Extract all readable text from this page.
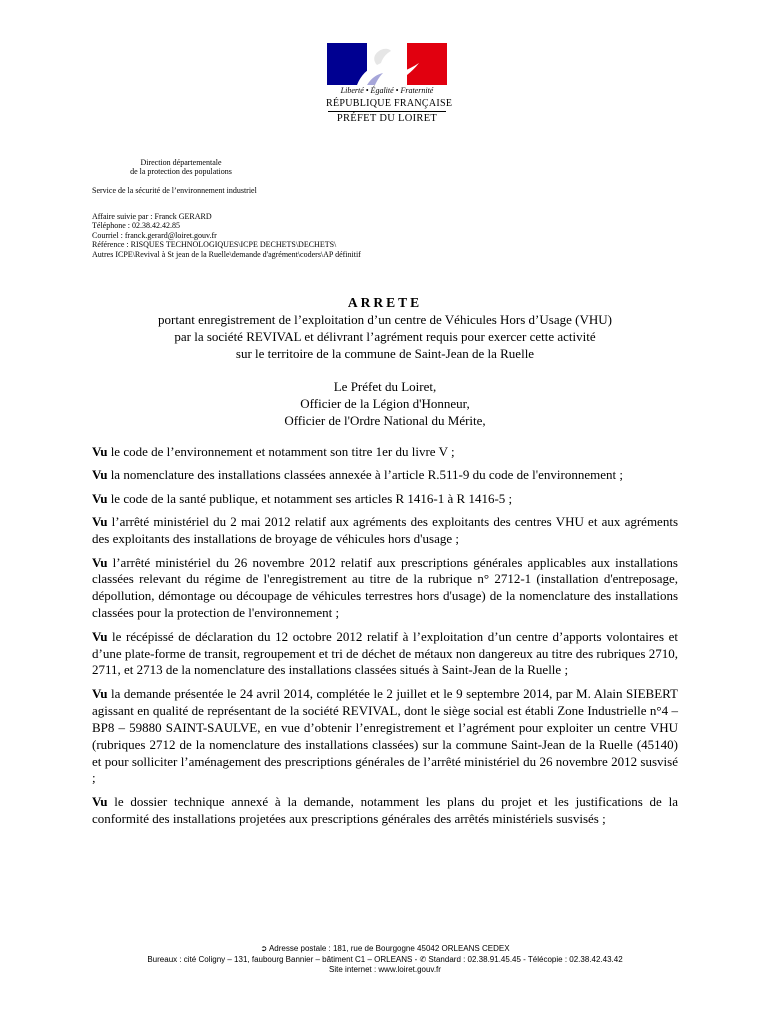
Liberté • Égalité • Fraternité
RÉPUBLIQUE FRANÇAISE
PRÉFET DU LOIRET
Direction départementale
de la protection des populations
Service de la sécurité de l’environnement industriel
Affaire suivie par : Franck GERARD
Téléphone : 02.38.42.42.85
Courriel : franck.gerard@loiret.gouv.fr
Référence : RISQUES TECHNOLOGIQUES\ICPE DECHETS\DECHETS\
Autres ICPE\Revival à St jean de la Ruelle\demande d'agrément\coders\AP définitif
ARRETE
portant enregistrement de l’exploitation d’un centre de Véhicules Hors d’Usage (VHU)
par la société REVIVAL et délivrant l’agrément requis pour exercer cette activité
sur le territoire de la commune de Saint-Jean de la Ruelle
Le Préfet du Loiret,
Officier de la Légion d'Honneur,
Officier de l'Ordre National du Mérite,

Vu le code de l’environnement et notamment son titre 1er du livre V ;

Vu la nomenclature des installations classées annexée à l’article R.511-9 du code de l'environnement ;

Vu le code de la santé publique, et notamment ses articles R 1416-1 à R 1416-5 ;

Vu l’arrêté ministériel du 2 mai 2012 relatif aux agréments des exploitants des centres VHU et aux agréments des exploitants des installations de broyage de véhicules hors d'usage ;

Vu l’arrêté ministériel du 26 novembre 2012 relatif aux prescriptions générales applicables aux installations classées relevant du régime de l'enregistrement au titre de la rubrique n° 2712-1 (installation d'entreposage, dépollution, démontage ou découpage de véhicules terrestres hors d'usage) de la nomenclature des installations classées pour la protection de l'environnement ;

Vu le récépissé de déclaration du 12 octobre 2012 relatif à l’exploitation d’un centre d’apports volontaires et d’une plate-forme de transit, regroupement et tri de déchet de métaux non dangereux au titre des rubriques 2710, 2711, et 2713 de la nomenclature des installations classées situés à Saint-Jean de la Ruelle ;

Vu la demande présentée le 24 avril 2014, complétée le 2 juillet et le 9 septembre 2014, par M. Alain SIEBERT agissant en qualité de représentant de la société REVIVAL, dont le siège social est établi Zone Industrielle n°4 – BP8 – 59880 SAINT-SAULVE, en vue d’obtenir l’enregistrement et l’agrément pour exploiter un centre VHU (rubriques 2712 de la nomenclature des installations classées) sur la commune Saint-Jean de la Ruelle (45140) et pour solliciter l’aménagement des prescriptions générales de l’arrêté ministériel du 26 novembre 2012 susvisé ;

Vu le dossier technique annexé à la demande, notamment les plans du projet et les justifications de la conformité des installations projetées aux prescriptions générales des arrêtés ministériels susvisés ;

➲ Adresse postale : 181, rue de Bourgogne 45042 ORLEANS CEDEX
Bureaux : cité Coligny – 131, faubourg Bannier – bâtiment C1 – ORLEANS - ✆ Standard : 02.38.91.45.45 - Télécopie : 02.38.42.43.42
Site internet : www.loiret.gouv.fr
